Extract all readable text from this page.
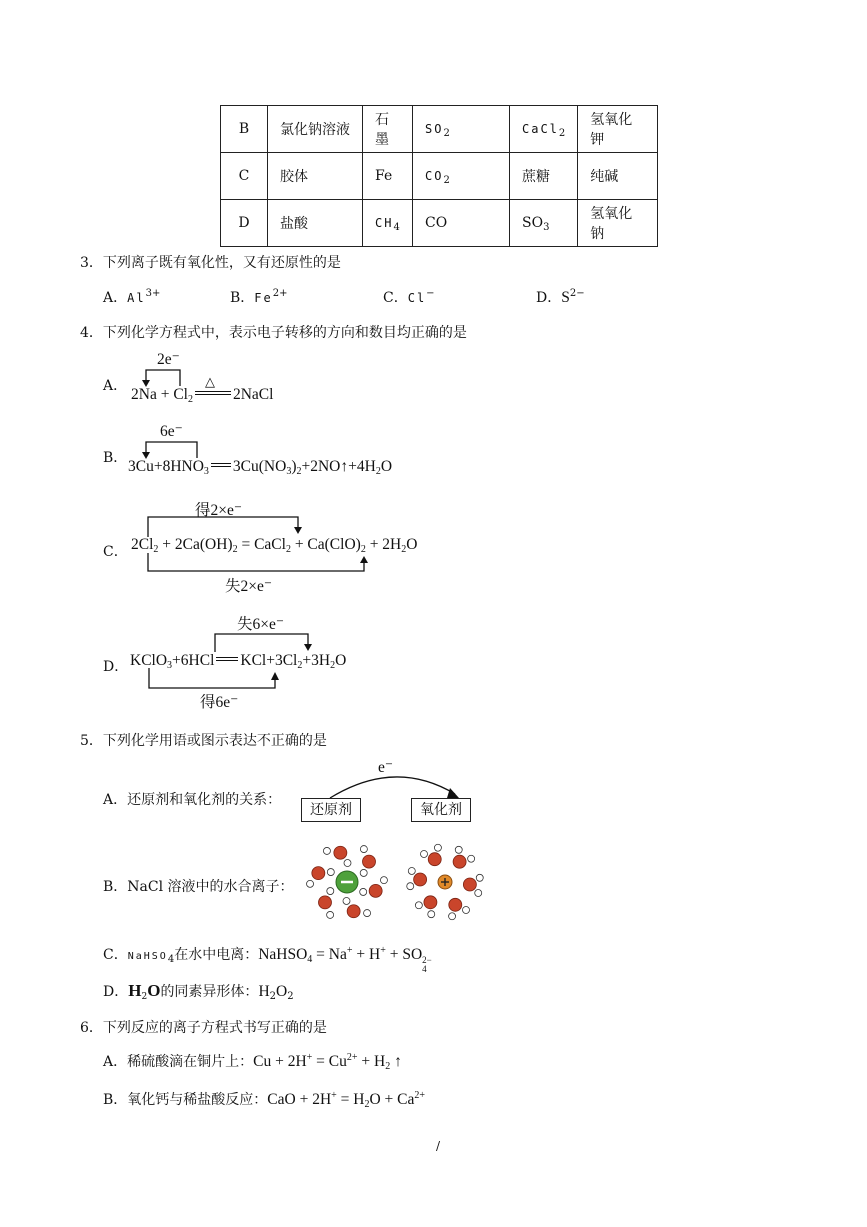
B	氯化钠溶液	石墨	$SO_2$	CaCl$_2$	氢氧化钾
C	胶体	Fe	$CO_2$	蔗糖	纯碱
D	盐酸	$CH_4$	CO	$SO_3$	氢氧化钠
3．下列离子既有氧化性，又有还原性的是
A．$Al^{3+}$	B．$Fe^{2+}$	C．Cl−	D．$S^{2-}$
4．下列化学方程式中，表示电子转移的方向和数目均正确的是
A．
2e⁻
△
$2Na + Cl_2$	2NaCl
B．
6e⁻
$3Cu+8HNO_3$ $3Cu(NO_3)_2+2NO↑+4H_2O$
C．
得2×e⁻
$2Cl_2 + 2Ca(OH)_2$ = CaCl$_2$ + $Ca(ClO)_2 + 2H_2O$
失2×e⁻
D．
失6×e⁻
KClO$_3$+6HCl $KCl+3Cl_2+3H_2O$
得6e⁻
5．下列化学用语或图示表达不正确的是
A．还原剂和氧化剂的关系：
e⁻
还原剂	氧化剂
B．NaCl 溶液中的水合离子：
C．NaHSO$_4$在水中电离：NaHSO$_4$ = Na+ + H+ + SO 2−
4
D．$H_2O$的同素异形体：$H_2O_2$
6．下列反应的离子方程式书写正确的是
A．稀硫酸滴在铜片上：$Cu + 2H^+ = Cu^{2+} + H_2$ ↑
B．氧化钙与稀盐酸反应：CaO + $2H^+ = H_2O + Ca^{2+}$
/
